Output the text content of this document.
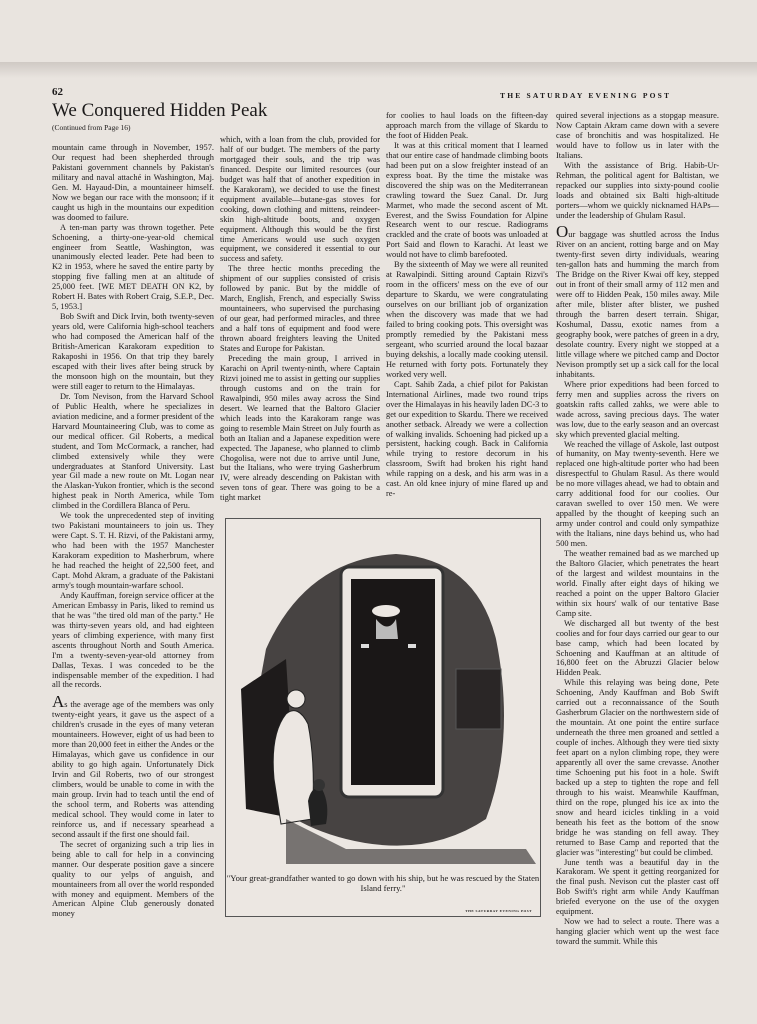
62	THE SATURDAY EVENING POST
We Conquered Hidden Peak
(Continued from Page 16)

mountain came through in November, 1957. Our request had been shepherded through Pakistani government channels by Pakistan's military and naval attaché in Washington, Maj. Gen. M. Hayaud-Din, a mountaineer himself. Now we began our race with the monsoon; if it caught us high in the mountains our expedition was doomed to failure.

A ten-man party was thrown together. Pete Schoening, a thirty-one-year-old chemical engineer from Seattle, Washington, was unanimously elected leader. Pete had been to K2 in 1953, where he saved the entire party by stopping five falling men at an altitude of 25,000 feet. [WE MET DEATH ON K2, by Robert H. Bates with Robert Craig, S.E.P., Dec. 5, 1953.]

Bob Swift and Dick Irvin, both twenty-seven years old, were California high-school teachers who had composed the American half of the British-American Karakoram expedition to Rakaposhi in 1956. On that trip they barely escaped with their lives after being struck by the monsoon high on the mountain, but they were still eager to return to the Himalayas.

Dr. Tom Nevison, from the Harvard School of Public Health, where he specializes in aviation medicine, and a former president of the Harvard Mountaineering Club, was to come as our medical officer. Gil Roberts, a medical student, and Tom McCormack, a rancher, had climbed extensively while they were undergraduates at Stanford University. Last year Gil made a new route on Mt. Logan near the Alaskan-Yukon frontier, which is the second highest peak in North America, while Tom climbed in the Cordillera Blanca of Peru.

We took the unprecedented step of inviting two Pakistani mountaineers to join us. They were Capt. S. T. H. Rizvi, of the Pakistani army, who had been with the 1957 Manchester Karakoram expedition to Masherbrum, where he had reached the height of 22,500 feet, and Capt. Mohd Akram, a graduate of the Pakistani army's tough mountain-warfare school.

Andy Kauffman, foreign service officer at the American Embassy in Paris, liked to remind us that he was "the tired old man of the party." He was thirty-seven years old, and had eighteen years of climbing experience, with many first ascents throughout North and South America. I'm a twenty-seven-year-old attorney from Dallas, Texas. I was conceded to be the indispensable member of the expedition. I had all the records.

As the average age of the members was only twenty-eight years, it gave us the aspect of a children's crusade in the eyes of many veteran mountaineers. However, eight of us had been to more than 20,000 feet in either the Andes or the Himalayas, which gave us confidence in our ability to go high again. Unfortunately Dick Irvin and Gil Roberts, two of our strongest climbers, would be unable to come in with the main group. Irvin had to teach until the end of the school term, and Roberts was attending medical school. They would come in later to reinforce us, and if necessary spearhead a second assault if the first one should fail.

The secret of organizing such a trip lies in being able to call for help in a convincing manner. Our desperate position gave a sincere quality to our yelps of anguish, and mountaineers from all over the world responded with money and equipment. Members of the American Alpine Club generously donated money

which, with a loan from the club, provided for half of our budget. The members of the party mortgaged their souls, and the trip was financed. Despite our limited resources (our budget was half that of another expedition in the Karakoram), we decided to use the finest equipment available—butane-gas stoves for cooking, down clothing and mittens, reindeer-skin high-altitude boots, and oxygen equipment. Although this would be the first time Americans would use such oxygen equipment, we considered it essential to our success and safety.

The three hectic months preceding the shipment of our supplies consisted of crisis followed by panic. But by the middle of March, English, French, and especially Swiss mountaineers, who supervised the purchasing of our gear, had performed miracles, and three and a half tons of equipment and food were thrown aboard freighters leaving the United States and Europe for Pakistan.

Preceding the main group, I arrived in Karachi on April twenty-ninth, where Captain Rizvi joined me to assist in getting our supplies through customs and on the train for Rawalpindi, 950 miles away across the Sind desert. We learned that the Baltoro Glacier which leads into the Karakoram range was going to resemble Main Street on July fourth as both an Italian and a Japanese expedition were expected. The Japanese, who planned to climb Chogolisa, were not due to arrive until June, but the Italians, who were trying Gasherbrum IV, were already descending on Pakistan with seven tons of gear. There was going to be a tight market

for coolies to haul loads on the fifteen-day approach march from the village of Skardu to the foot of Hidden Peak.

It was at this critical moment that I learned that our entire case of handmade climbing boots had been put on a slow freighter instead of an express boat. By the time the mistake was discovered the ship was on the Mediterranean crawling toward the Suez Canal. Dr. Jurg Marmet, who made the second ascent of Mt. Everest, and the Swiss Foundation for Alpine Research went to our rescue. Radiograms crackled and the crate of boots was unloaded at Port Said and flown to Karachi. At least we would not have to climb barefooted.

By the sixteenth of May we were all reunited at Rawalpindi. Sitting around Captain Rizvi's room in the officers' mess on the eve of our departure to Skardu, we were congratulating ourselves on our brilliant job of organization when the discovery was made that we had failed to bring cooking pots. This oversight was promptly remedied by the Pakistani mess sergeant, who scurried around the local bazaar buying dekshis, a locally made cooking utensil. He returned with forty pots. Fortunately they worked very well.

Capt. Sahib Zada, a chief pilot for Pakistan International Airlines, made two round trips over the Himalayas in his heavily laden DC-3 to get our expedition to Skardu. There we received another setback. Already we were a collection of walking invalids. Schoening had picked up a persistent, hacking cough. Back in California while trying to restore decorum in his classroom, Swift had broken his right hand while rapping on a desk, and his arm was in a cast. An old knee injury of mine flared up and re-

quired several injections as a stopgap measure. Now Captain Akram came down with a severe case of bronchitis and was hospitalized. He would have to follow us in later with the Italians.

With the assistance of Brig. Habib-Ur-Rehman, the political agent for Baltistan, we repacked our supplies into sixty-pound coolie loads and obtained six Balti high-altitude porters—whom we quickly nicknamed HAPs—under the leadership of Ghulam Rasul.

Our baggage was shuttled across the Indus River on an ancient, rotting barge and on May twenty-first seven dirty individuals, wearing ten-gallon hats and humming the march from The Bridge on the River Kwai off key, stepped out in front of their small army of 112 men and were off to Hidden Peak, 150 miles away. Mile after mile, blister after blister, we pushed through the barren desert terrain. Shigar, Koshumal, Dassu, exotic names from a geography book, were patches of green in a dry, desolate country. Every night we stopped at a little village where we pitched camp and Doctor Nevison promptly set up a sick call for the local inhabitants.

Where prior expeditions had been forced to ferry men and supplies across the rivers on goatskin rafts called zahks, we were able to wade across, saving precious days. The water was low, due to the early season and an overcast sky which prevented glacial melting.

We reached the village of Askole, last outpost of humanity, on May twenty-seventh. Here we replaced one high-altitude porter who had been disrespectful to Ghulam Rasul. As there would be no more villages ahead, we had to obtain and carry additional food for our coolies. Our caravan swelled to over 150 men. We were appalled by the thought of keeping such an army under control and could only sympathize with the Italians, nine days behind us, who had 500 men.

The weather remained bad as we marched up the Baltoro Glacier, which penetrates the heart of the largest and wildest mountains in the world. Finally after eight days of hiking we reached a point on the upper Baltoro Glacier within six hours' walk of our tentative Base Camp site.

We discharged all but twenty of the best coolies and for four days carried our gear to our base camp, which had been located by Schoening and Kauffman at an altitude of 16,800 feet on the Abruzzi Glacier below Hidden Peak.

While this relaying was being done, Pete Schoening, Andy Kauffman and Bob Swift carried out a reconnaissance of the South Gasherbrum Glacier on the northwestern side of the mountain. At one point the entire surface underneath the three men groaned and settled a couple of inches. Although they were tied sixty feet apart on a nylon climbing rope, they were apparently all over the same crevasse. Another time Schoening put his foot in a hole. Swift backed up a step to tighten the rope and fell through to his waist. Meanwhile Kauffman, third on the rope, plunged his ice ax into the snow and heard icicles tinkling in a void beneath his feet as the bottom of the snow bridge he was standing on fell away. They returned to Base Camp and reported that the glacier was "interesting" but could be climbed.

June tenth was a beautiful day in the Karakoram. We spent it getting reorganized for the final push. Nevison cut the plaster cast off Bob Swift's right arm while Andy Kauffman briefed everyone on the use of the oxygen equipment.

Now we had to select a route. There was a hanging glacier which went up the west face toward the summit. While this

"Your great-grandfather wanted to go down with his ship, but he was rescued by the Staten Island ferry."
THE SATURDAY EVENING POST
